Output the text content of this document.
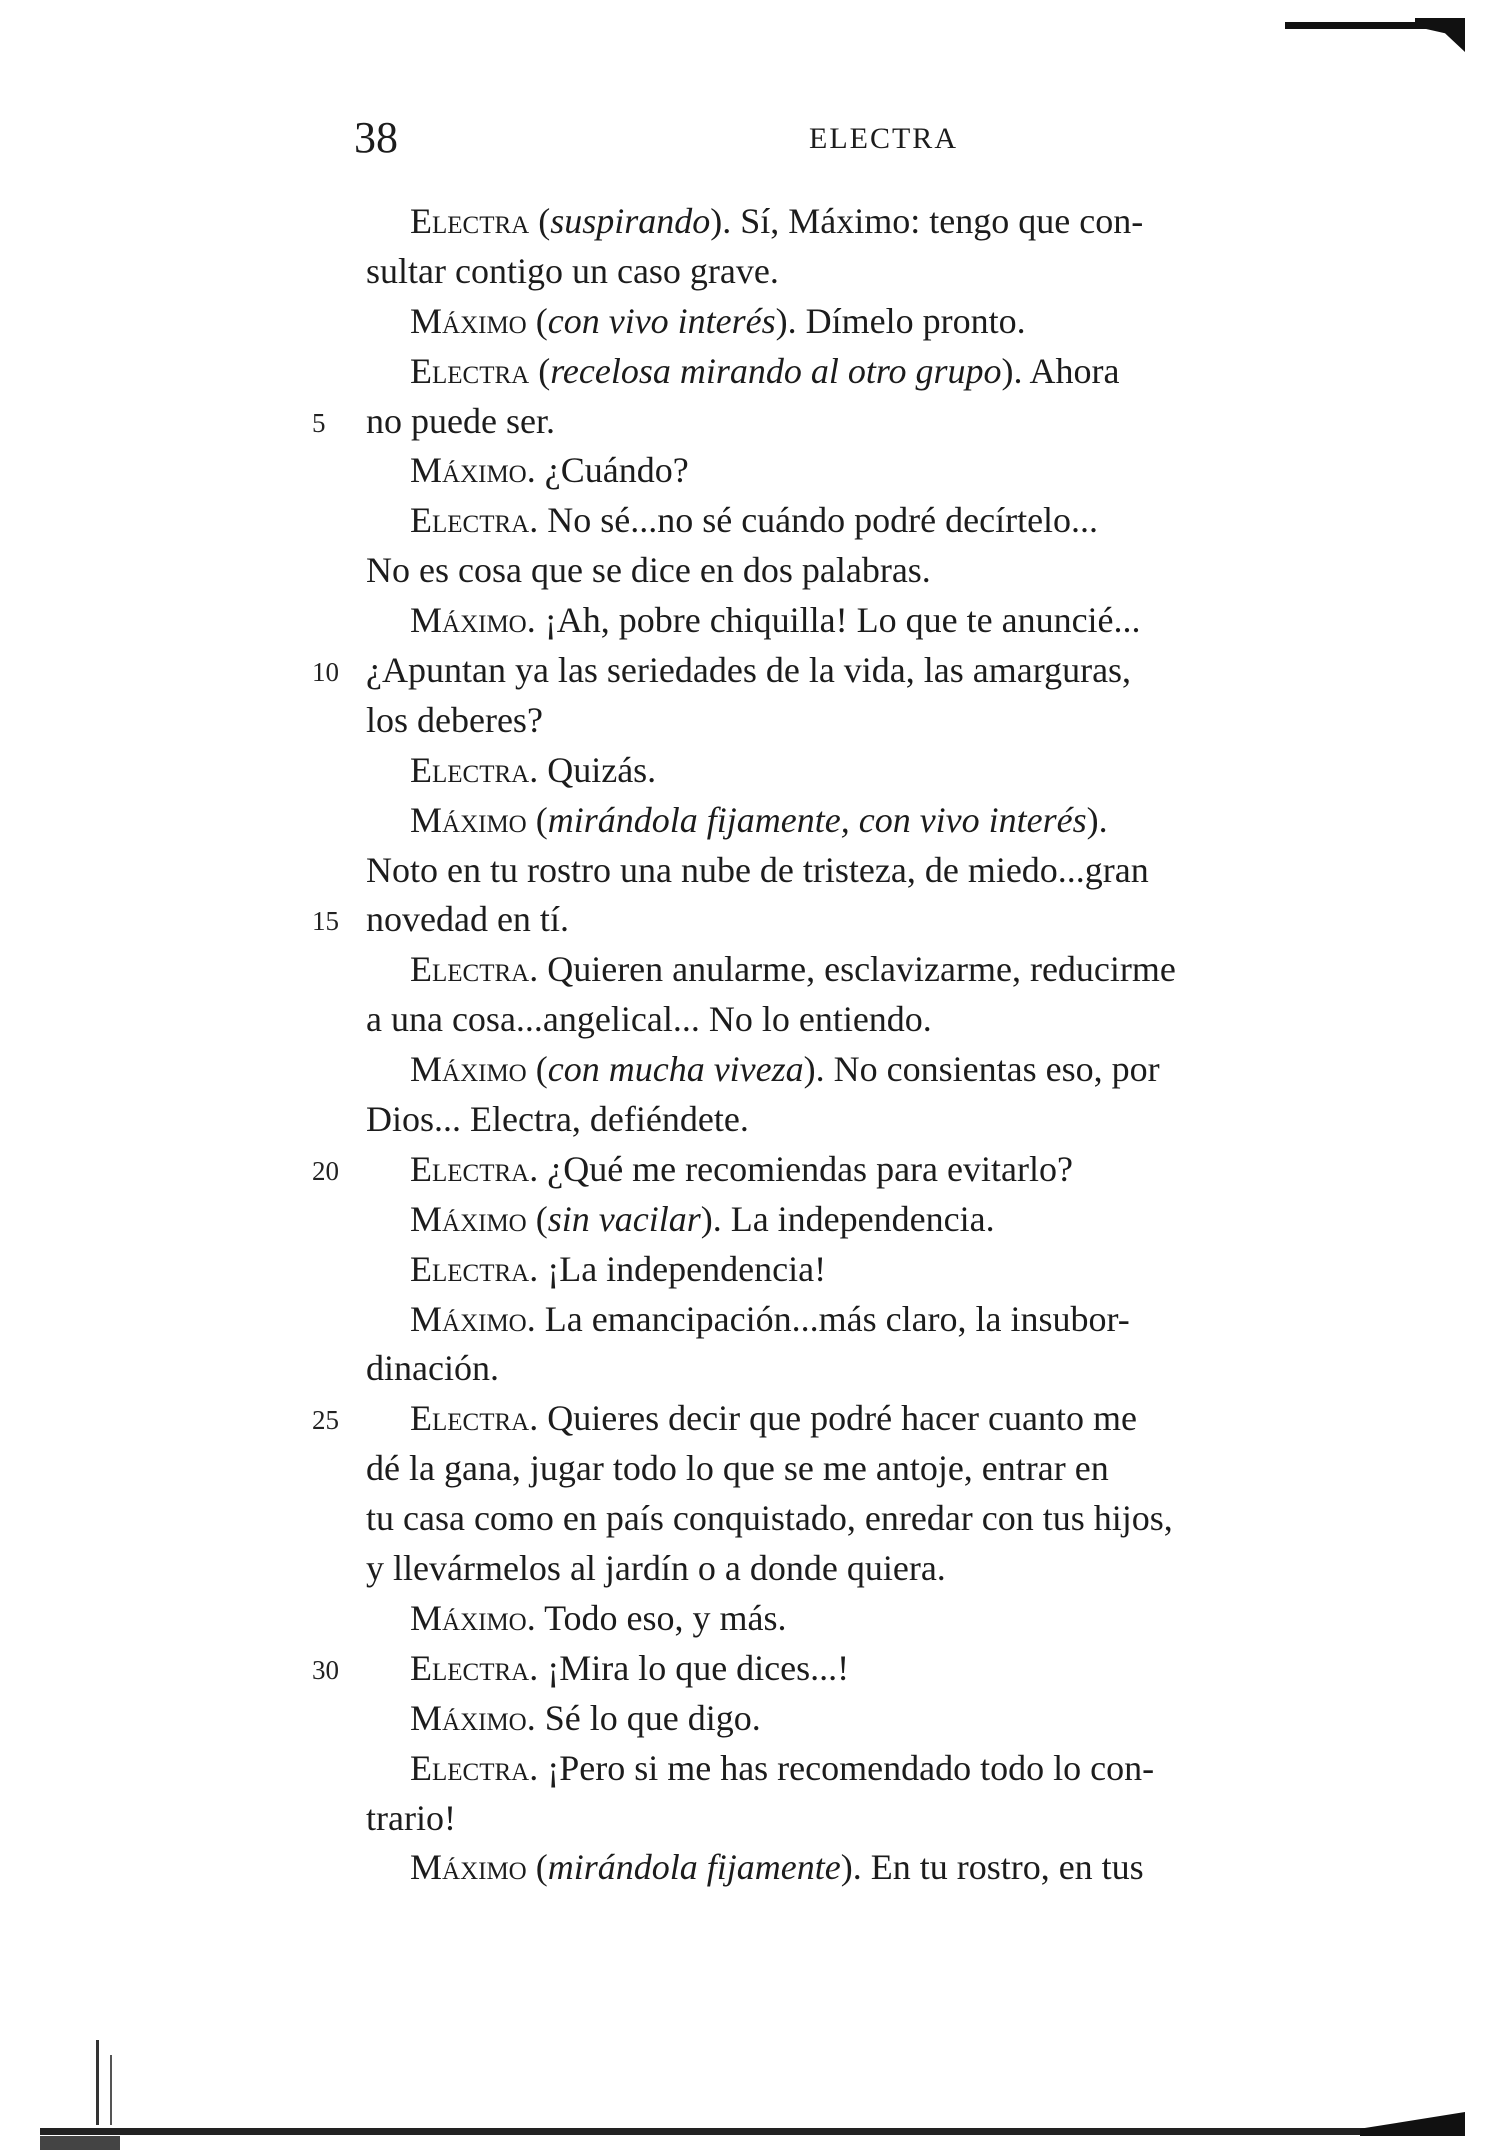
38	ELECTRA
Electra (suspirando). Sí, Máximo: tengo que con-
sultar contigo un caso grave.
Máximo (con vivo interés). Dímelo pronto.
Electra (recelosa mirando al otro grupo). Ahora
5 no puede ser.
Máximo. ¿Cuándo?
Electra. No sé...no sé cuándo podré decírtelo...
No es cosa que se dice en dos palabras.
Máximo. ¡Ah, pobre chiquilla! Lo que te anuncié...
10 ¿Apuntan ya las seriedades de la vida, las amarguras,
los deberes?
Electra. Quizás.
Máximo (mirándola fijamente, con vivo interés).
Noto en tu rostro una nube de tristeza, de miedo...gran
15 novedad en tí.
Electra. Quieren anularme, esclavizarme, reducirme
a una cosa...angelical... No lo entiendo.
Máximo (con mucha viveza). No consientas eso, por
Dios... Electra, defiéndete.
20 Electra. ¿Qué me recomiendas para evitarlo?
Máximo (sin vacilar). La independencia.
Electra. ¡La independencia!
Máximo. La emancipación...más claro, la insubor-
dinación.
25 Electra. Quieres decir que podré hacer cuanto me
dé la gana, jugar todo lo que se me antoje, entrar en
tu casa como en país conquistado, enredar con tus hijos,
y llevármelos al jardín o a donde quiera.
Máximo. Todo eso, y más.
30 Electra. ¡Mira lo que dices...!
Máximo. Sé lo que digo.
Electra. ¡Pero si me has recomendado todo lo con-
trario!
Máximo (mirándola fijamente). En tu rostro, en tus
